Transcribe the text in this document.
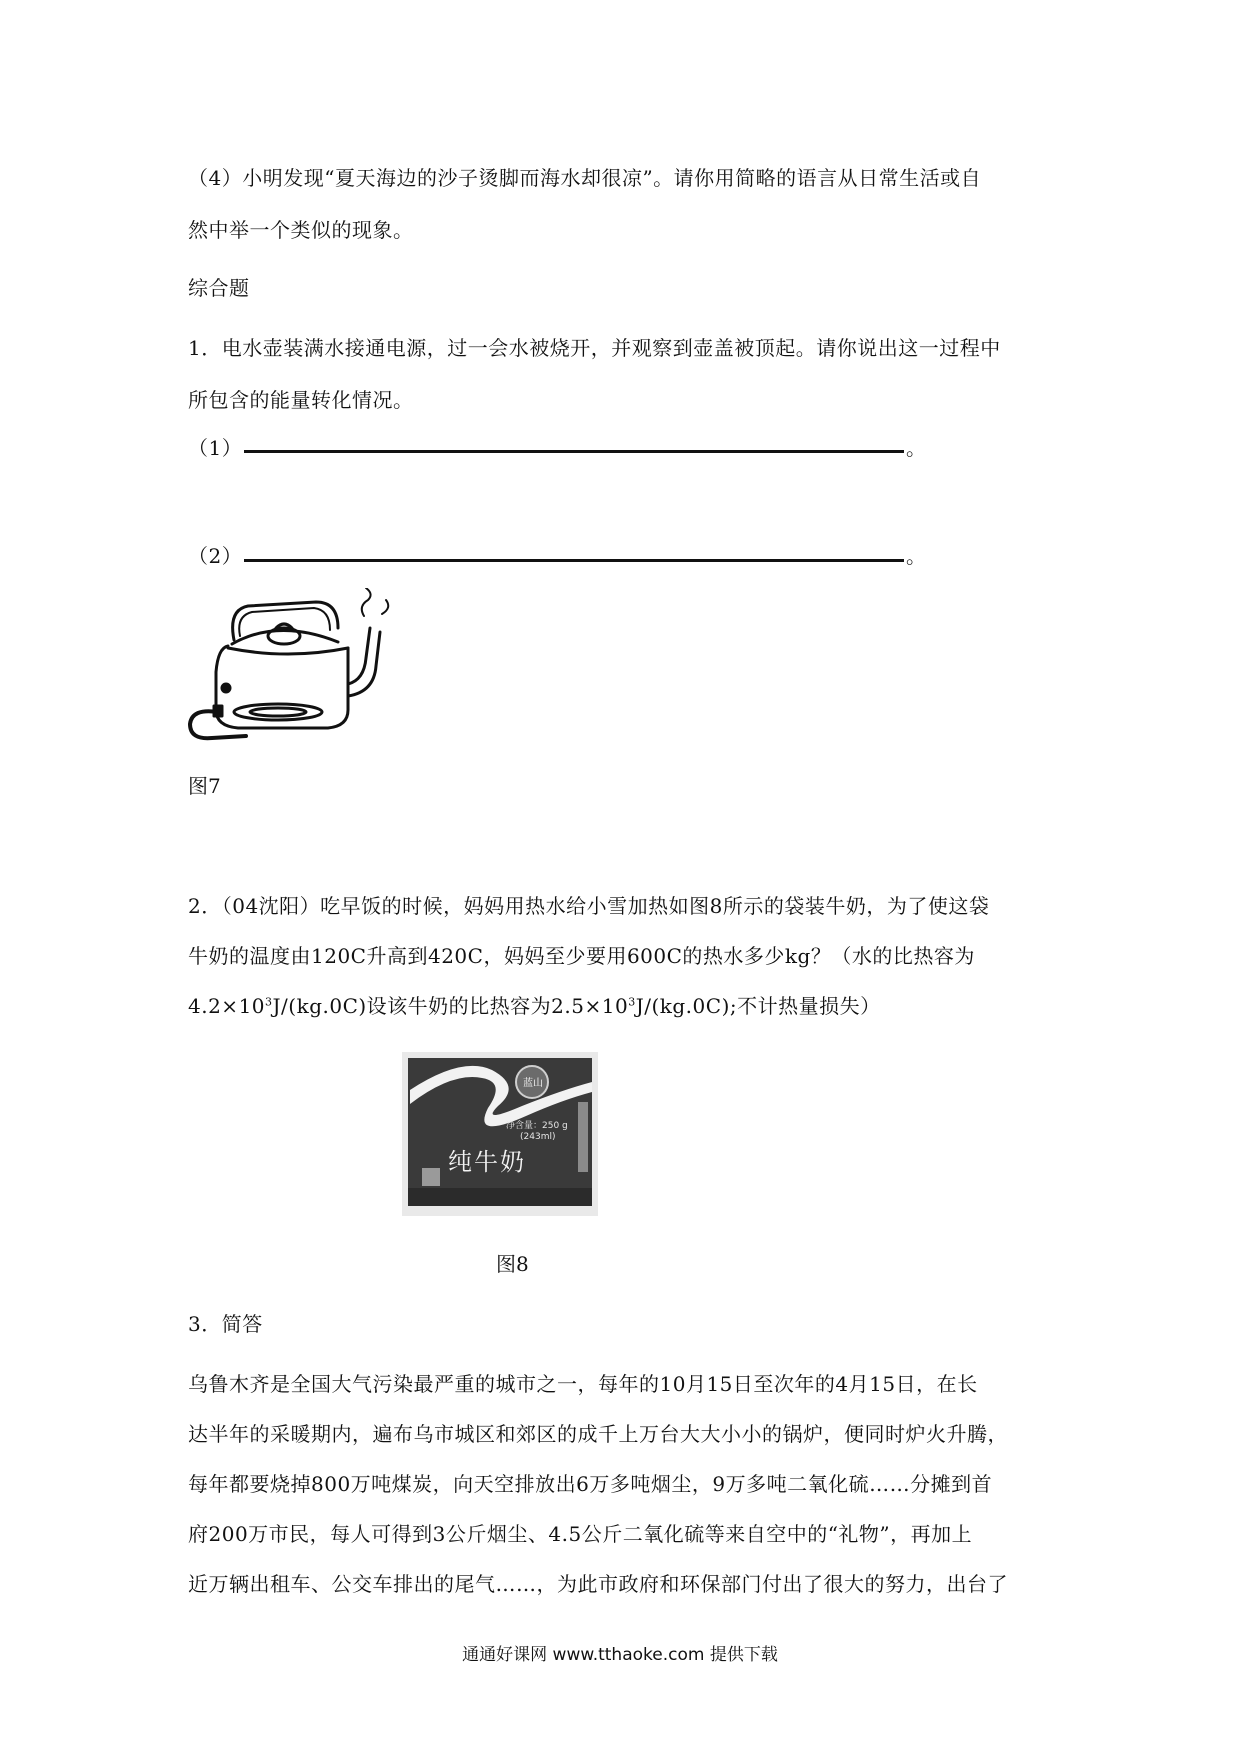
（4）小明发现“夏天海边的沙子烫脚而海水却很凉”。请你用简略的语言从日常生活或自
然中举一个类似的现象。
综合题
1．电水壶装满水接通电源，过一会水被烧开，并观察到壶盖被顶起。请你说出这一过程中
所包含的能量转化情况。
（1）	。
（2）	。
图7
2．（04沈阳）吃早饭的时候，妈妈用热水给小雪加热如图8所示的袋装牛奶，为了使这袋
牛奶的温度由120C升高到420C，妈妈至少要用600C的热水多少kg？（水的比热容为
$4.2\times 10^3J/(kg.0C)$设该牛奶的比热容为$2.5\times 10^3J/(kg.0C)$;不计热量损失）
蓝山
净含量：250 g
(243ml)
纯牛奶
图8
3．简答
乌鲁木齐是全国大气污染最严重的城市之一，每年的10月15日至次年的4月15日，在长
达半年的采暖期内，遍布乌市城区和郊区的成千上万台大大小小的锅炉，便同时炉火升腾，
每年都要烧掉800万吨煤炭，向天空排放出6万多吨烟尘，9万多吨二氧化硫……分摊到首
府200万市民，每人可得到3公斤烟尘、4.5公斤二氧化硫等来自空中的“礼物”，再加上
近万辆出租车、公交车排出的尾气……，为此市政府和环保部门付出了很大的努力，出台了
通通好课网 www.tthaoke.com 提供下载
